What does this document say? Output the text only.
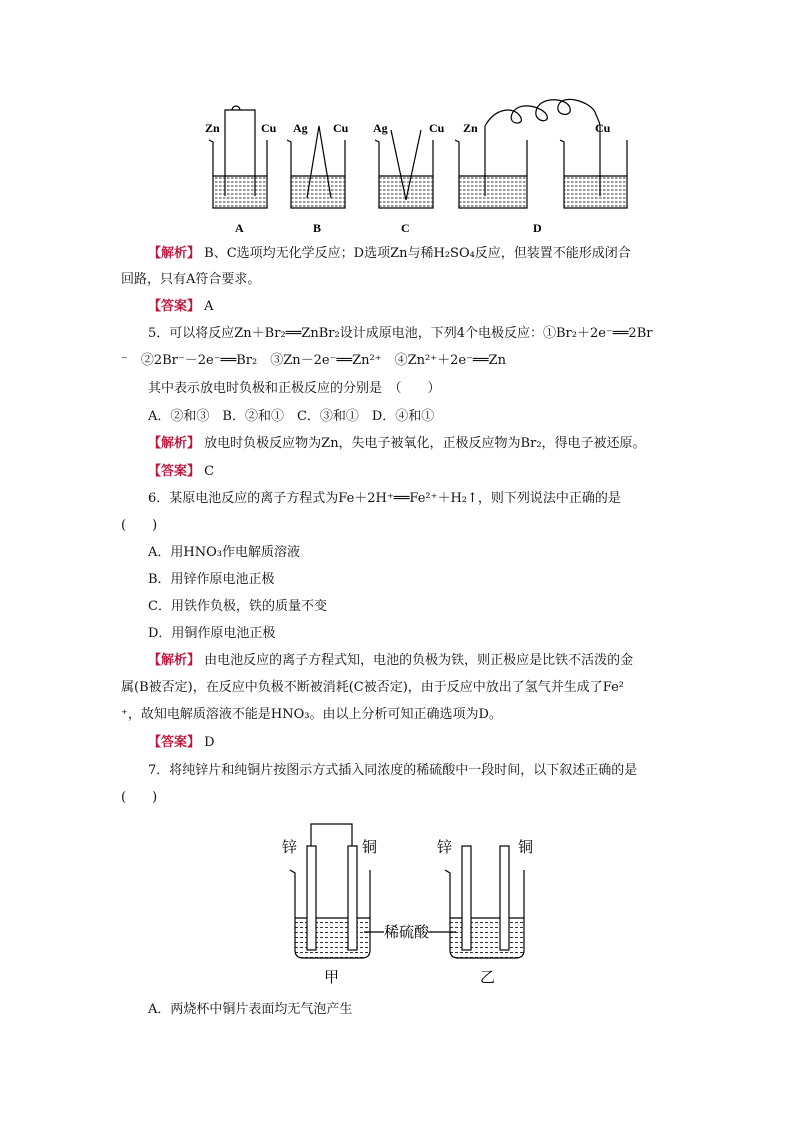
Zn	Cu Ag Cu Ag	Cu Zn	Cu
A	B	C	D
【解析】 B、C选项均无化学反应；D选项Zn与稀H₂SO₄反应，但装置不能形成闭合
回路，只有A符合要求。
【答案】 A
5．可以将反应Zn＋Br₂══ZnBr₂设计成原电池，下列4个电极反应：①Br₂＋2e⁻══2Br
⁻　②2Br⁻－2e⁻══Br₂　③Zn－2e⁻══Zn²⁺　④Zn²⁺＋2e⁻══Zn
其中表示放电时负极和正极反应的分别是　（　　）
A．②和③　B．②和①　C．③和①　D．④和①
【解析】 放电时负极反应物为Zn，失电子被氧化，正极反应物为Br₂，得电子被还原。
【答案】 C
6．某原电池反应的离子方程式为Fe＋2H⁺══Fe²⁺＋H₂↑，则下列说法中正确的是
(　　)
A．用HNO₃作电解质溶液
B．用锌作原电池正极
C．用铁作负极，铁的质量不变
D．用铜作原电池正极
【解析】 由电池反应的离子方程式知，电池的负极为铁，则正极应是比铁不活泼的金
属(B被否定)，在反应中负极不断被消耗(C被否定)，由于反应中放出了氢气并生成了Fe²
⁺，故知电解质溶液不能是HNO₃。由以上分析可知正确选项为D。
【答案】 D
7．将纯锌片和纯铜片按图示方式插入同浓度的稀硫酸中一段时间，以下叙述正确的是
(　　)
锌	铜	锌	铜
稀硫酸
甲	乙
A．两烧杯中铜片表面均无气泡产生
